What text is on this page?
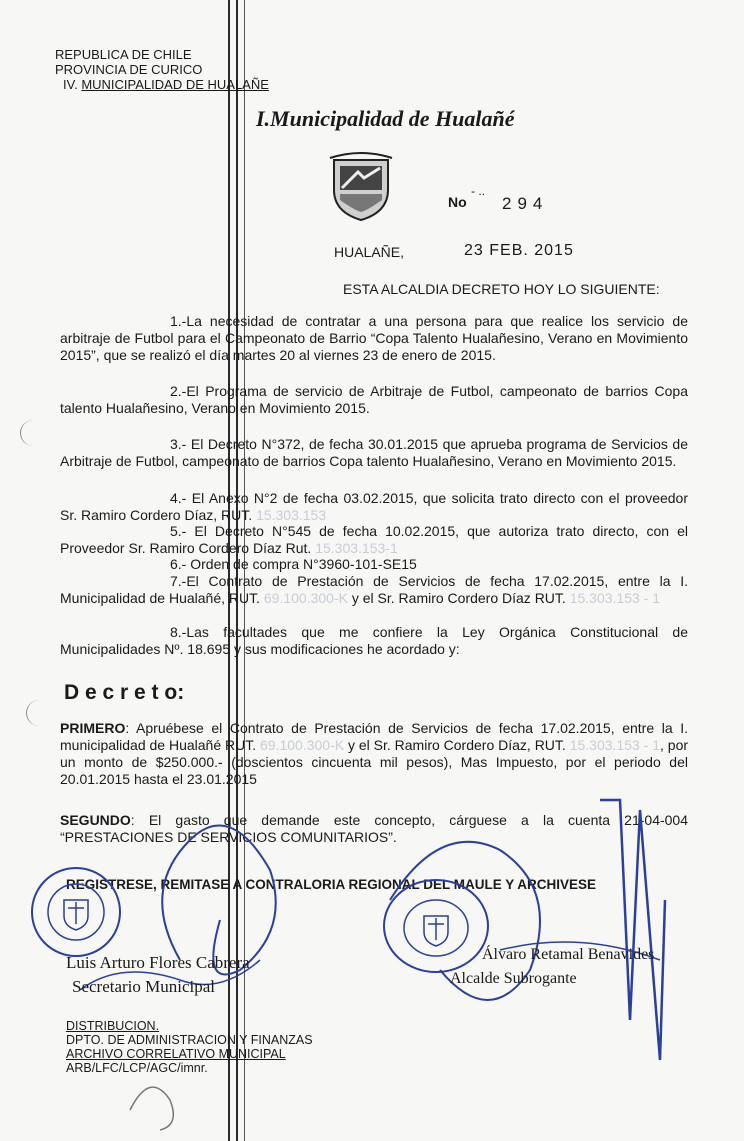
REPUBLICA DE CHILE
PROVINCIA DE CURICO
IV. MUNICIPALIDAD DE HUALAÑE
I.Municipalidad de Hualañé
No
- ..
294
HUALAÑE,	23 FEB. 2015
ESTA ALCALDIA DECRETO HOY LO SIGUIENTE:
1.-La necesidad de contratar a una persona para que realice los servicio de arbitraje de Futbol para el Campeonato de Barrio “Copa Talento Hualañesino, Verano en Movimiento 2015”, que se realizó el día martes 20 al viernes 23 de enero de 2015.
2.-El Programa de servicio de Arbitraje de Futbol, campeonato de barrios Copa talento Hualañesino, Verano en Movimiento 2015.
3.- El Decreto N°372, de fecha 30.01.2015 que aprueba programa de Servicios de Arbitraje de Futbol, campeonato de barrios Copa talento Hualañesino, Verano en Movimiento 2015.
4.- El Anexo N°2 de fecha 03.02.2015, que solicita trato directo con el proveedor Sr. Ramiro Cordero Díaz, RUT. 15.303.153
5.- El Decreto N°545 de fecha 10.02.2015, que autoriza trato directo, con el Proveedor Sr. Ramiro Cordero Díaz Rut. 15.303.153-1
6.- Orden de compra N°3960-101-SE15
7.-El Contrato de Prestación de Servicios de fecha 17.02.2015, entre la I. Municipalidad de Hualañé, RUT. 69.100.300-K y el Sr. Ramiro Cordero Díaz RUT. 15.303.153 - 1
8.-Las facultades que me confiere la Ley Orgánica Constitucional de Municipalidades Nº. 18.695 y sus modificaciones he acordado y:
D e c r e t o:
PRIMERO: Apruébese el Contrato de Prestación de Servicios de fecha 17.02.2015, entre la I. municipalidad de Hualañé RUT. 69.100.300-K y el Sr. Ramiro Cordero Díaz, RUT. 15.303.153 - 1, por un monto de $250.000.- (doscientos cincuenta mil pesos), Mas Impuesto, por el periodo del 20.01.2015 hasta el 23.01.2015
SEGUNDO: El gasto que demande este concepto, cárguese a la cuenta 21-04-004 “PRESTACIONES DE SERVICIOS COMUNITARIOS”.
REGISTRESE, REMITASE A CONTRALORIA REGIONAL DEL MAULE Y ARCHIVESE
Luis Arturo Flores Cabrera
Secretario Municipal
Álvaro Retamal Benavides
Alcalde Subrogante
DISTRIBUCION.
DPTO. DE ADMINISTRACION Y FINANZAS
ARCHIVO CORRELATIVO MUNICIPAL
ARB/LFC/LCP/AGC/imnr.
